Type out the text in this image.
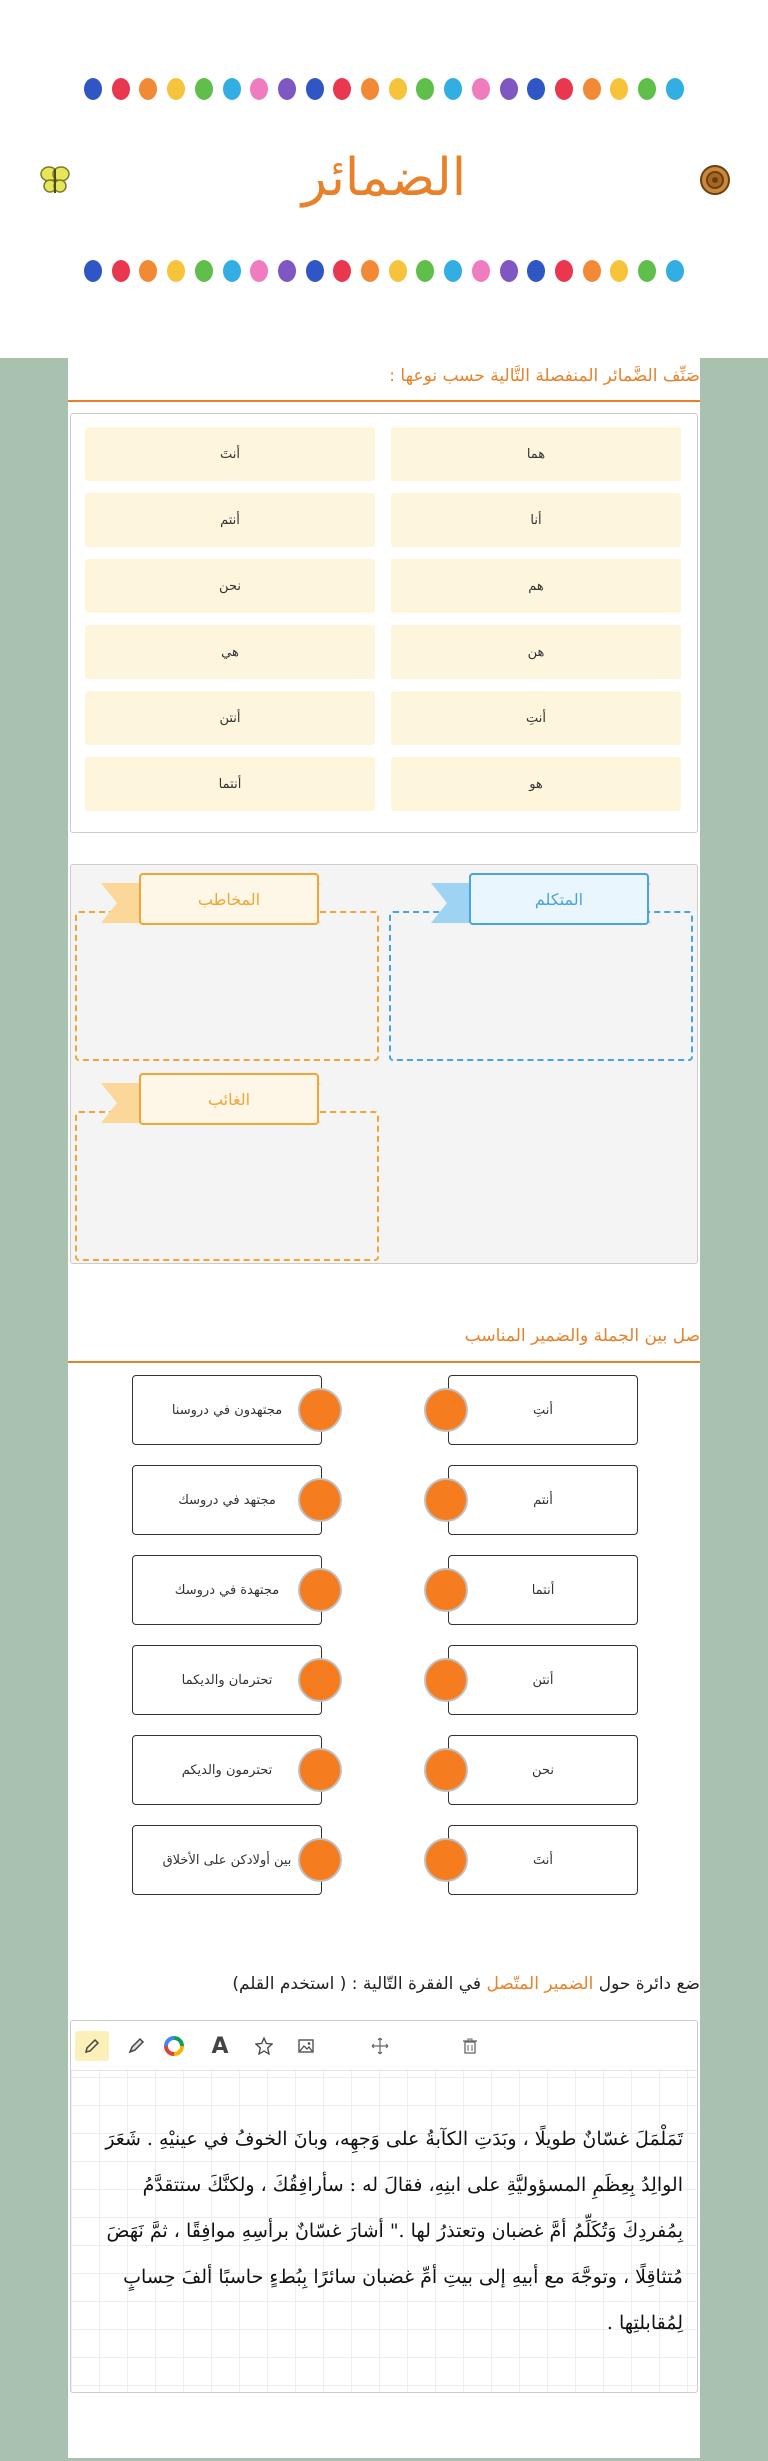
الضمائر
صَنِّف الضَّمائر المنفصلة التَّالية حسب نوعها :
هما
أنا
هم
هن
أنتِ
هو
أنتَ
أنتم
نحن
هي
أنتن
أنتما
المتكلم
المخاطب
الغائب
صل بين الجملة والضمير المناسب
مجتهدون في دروسنا	أنتِ
مجتهد في دروسك	أنتم
مجتهدة في دروسك	أنتما
تحترمان والديكما	أنتن
تحترمون والديكم	نحن
بين أولادكن على الأخلاق	أنتَ
ضع دائرة حول الضمير المتّصل في الفقرة التّالية : ( استخدم القلم)
A
تَمَلْمَلَ غسّانٌ طويلًا ، وبَدَتِ الكآبةُ على وَجهِه، وبانَ الخوفُ في عينيْهِ . شَعَرَ الوالِدُ بِعِظَمِ المسؤوليَّةِ على ابنِهِ، فقالَ له : سأرافِقُكَ ، ولكنَّكَ ستتقدَّمُ بِمُفردِكَ وَتُكَلِّمُ أمَّ غضبان وتعتذرُ لها ." أشارَ غسّانٌ برأسِهِ موافِقًا ، ثمَّ نَهَضَ مُتثاقِلًا ، وتوجَّهَ مع أبيهِ إلى بيتِ أمِّ غضبان سائرًا بِبُطءٍ حاسبًا ألفَ حِسابٍ لِمُقابلتِها .
